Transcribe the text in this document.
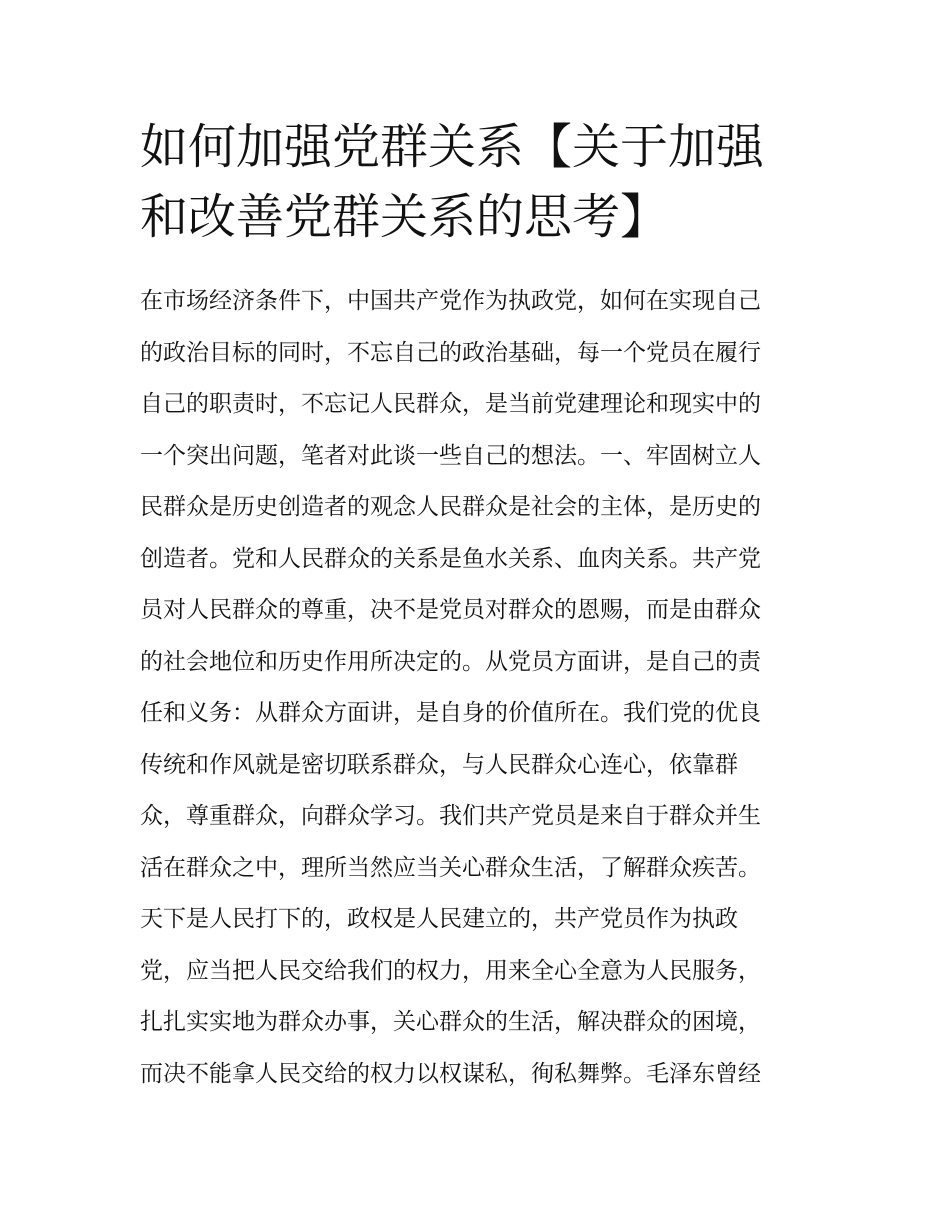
如何加强党群关系【关于加强
和改善党群关系的思考】
在市场经济条件下，中国共产党作为执政党，如何在实现自己
的政治目标的同时，不忘自己的政治基础，每一个党员在履行
自己的职责时，不忘记人民群众，是当前党建理论和现实中的
一个突出问题，笔者对此谈一些自己的想法。一、牢固树立人
民群众是历史创造者的观念人民群众是社会的主体，是历史的
创造者。党和人民群众的关系是鱼水关系、血肉关系。共产党
员对人民群众的尊重，决不是党员对群众的恩赐，而是由群众
的社会地位和历史作用所决定的。从党员方面讲，是自己的责
任和义务：从群众方面讲，是自身的价值所在。我们党的优良
传统和作风就是密切联系群众，与人民群众心连心，依靠群
众，尊重群众，向群众学习。我们共产党员是来自于群众并生
活在群众之中，理所当然应当关心群众生活，了解群众疾苦。
天下是人民打下的，政权是人民建立的，共产党员作为执政
党，应当把人民交给我们的权力，用来全心全意为人民服务，
扎扎实实地为群众办事，关心群众的生活，解决群众的困境，
而决不能拿人民交给的权力以权谋私，徇私舞弊。毛泽东曾经
